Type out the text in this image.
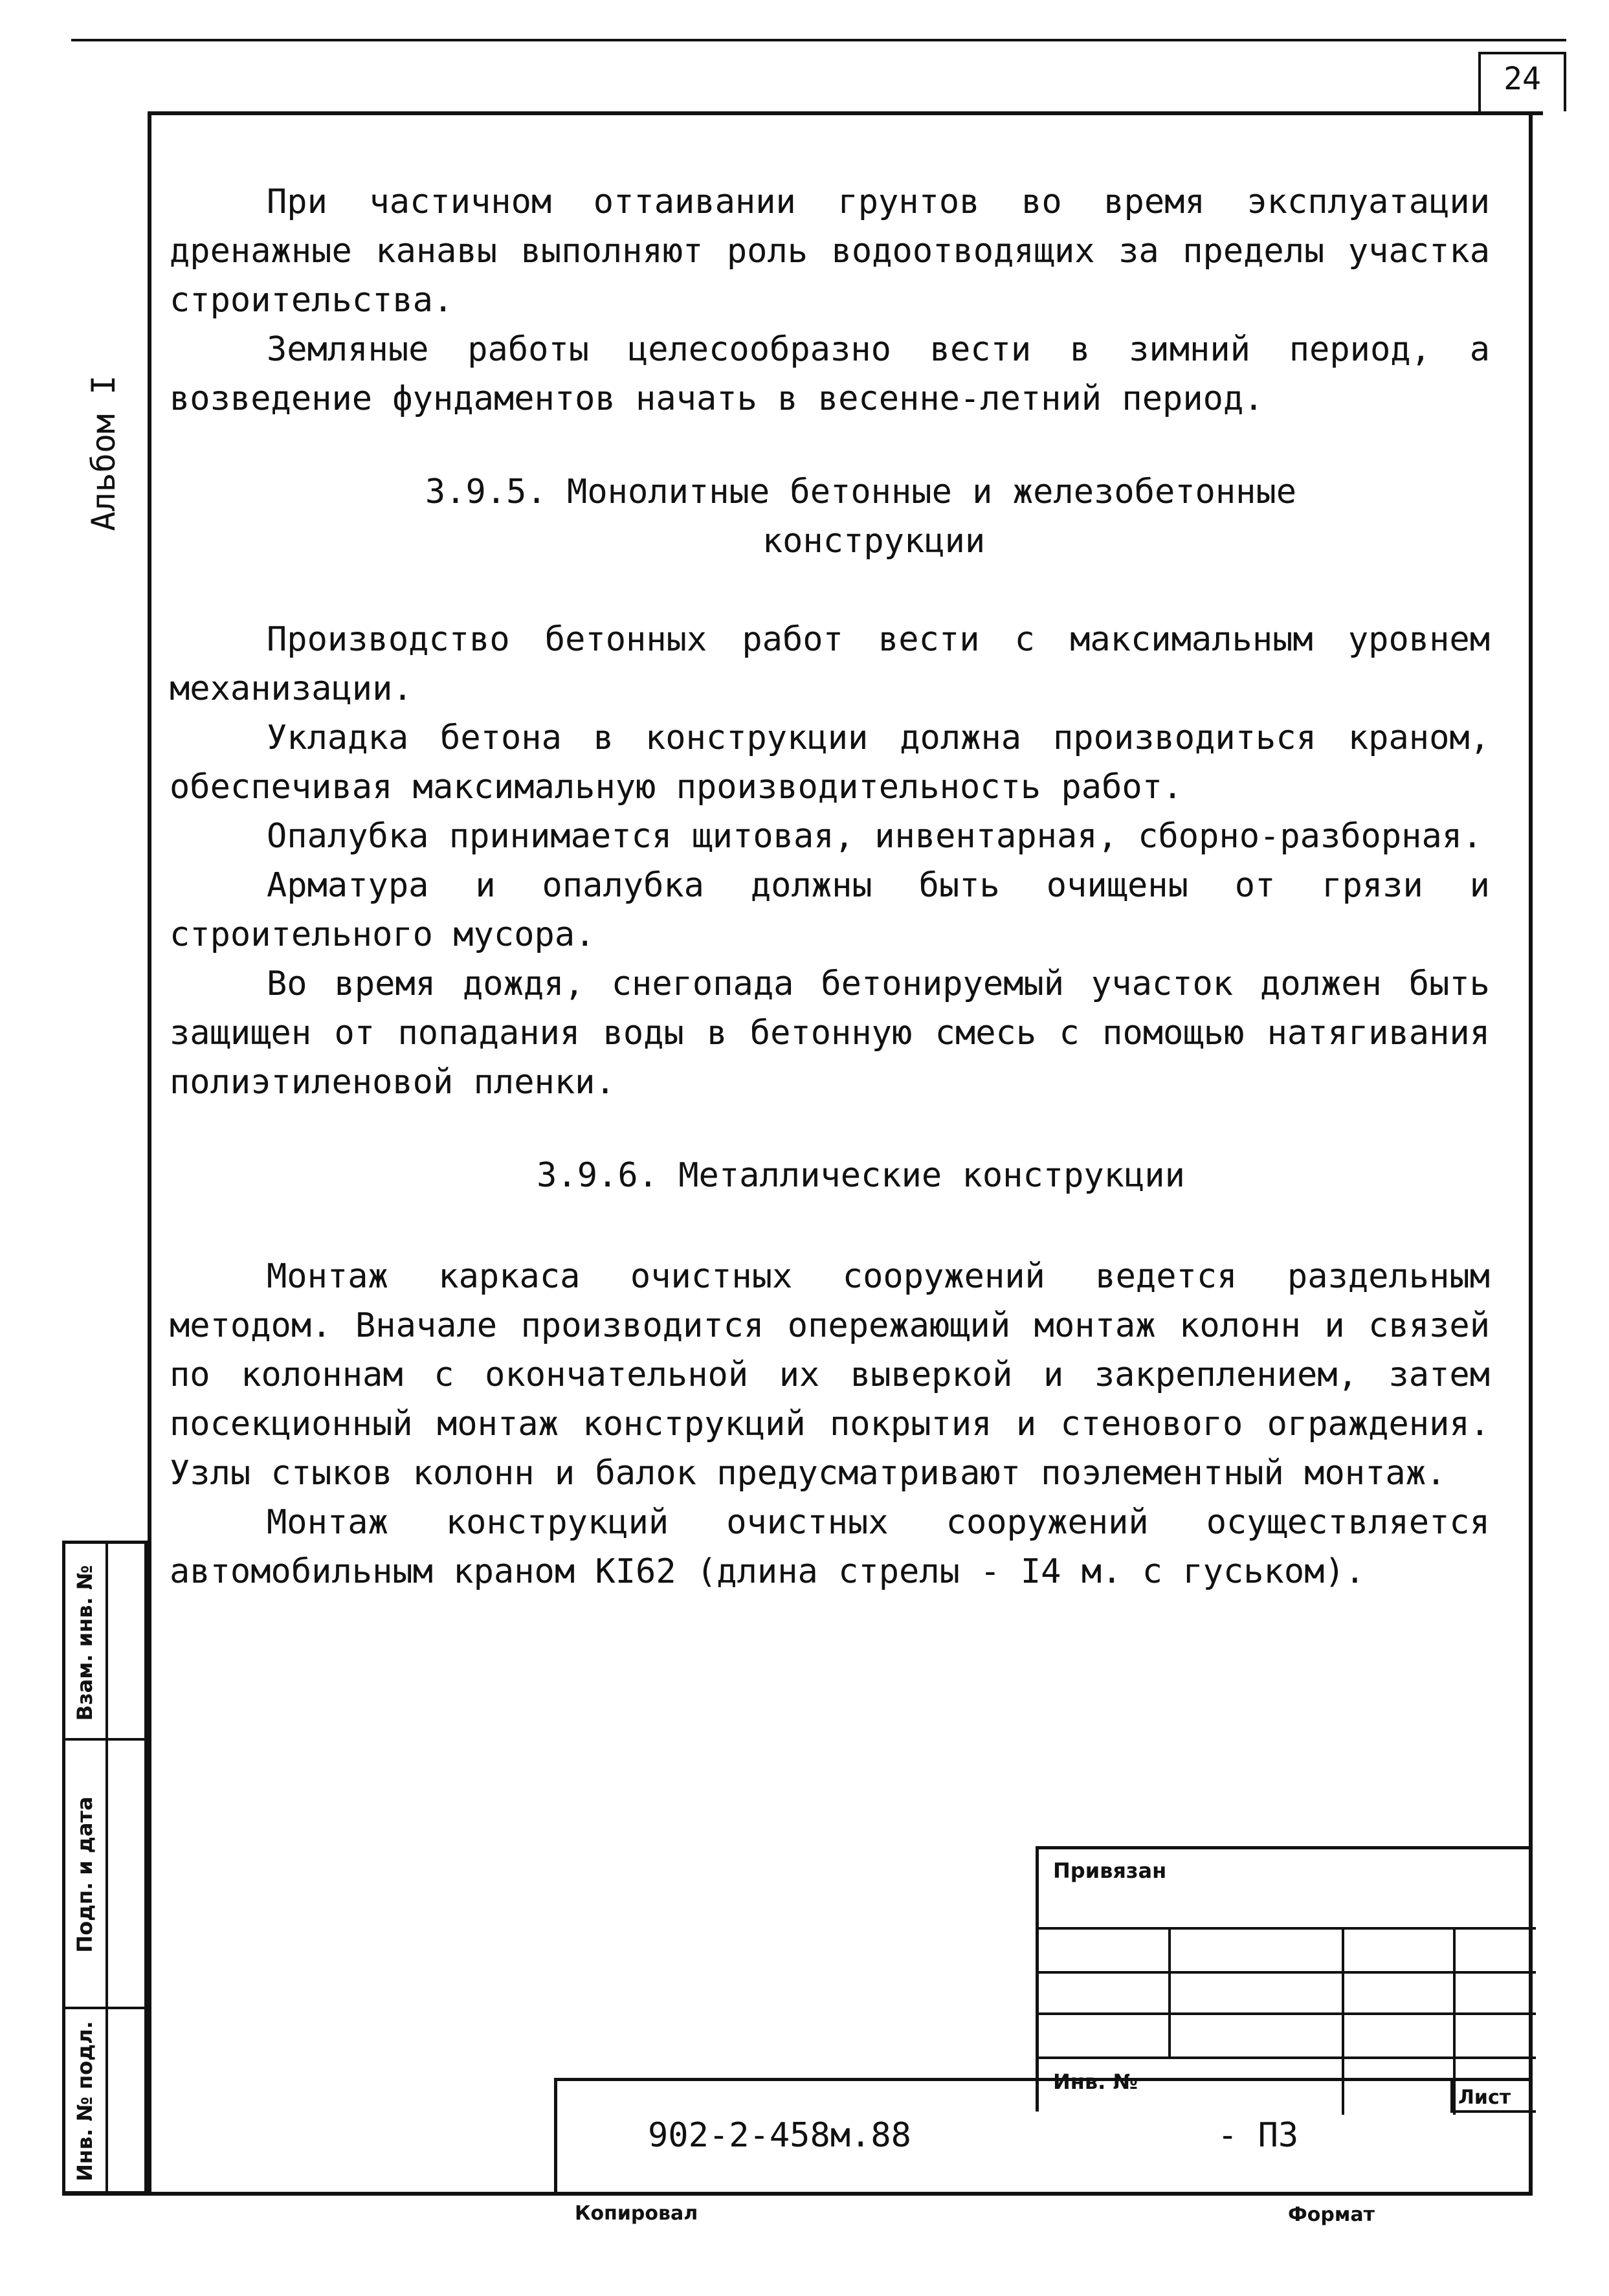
24
Альбом I

При частичном оттаивании грунтов во время эксплуатации дренажные канавы выполняют роль водоотводящих за пределы участка строительства.

Земляные работы целесообразно вести в зимний период, а возведение фундаментов начать в весенне-летний период.

3.9.5. Монолитные бетонные и железобетонные
конструкции

Производство бетонных работ вести с максимальным уровнем механизации.

Укладка бетона в конструкции должна производиться краном, обеспечивая максимальную производительность работ.

Опалубка принимается щитовая, инвентарная, сборно-разборная.

Арматура и опалубка должны быть очищены от грязи и строительного мусора.

Во время дождя, снегопада бетонируемый участок должен быть защищен от попадания воды в бетонную смесь с помощью натягивания полиэтиленовой пленки.

3.9.6. Металлические конструкции

Монтаж каркаса очистных сооружений ведется раздельным методом. Вначале производится опережающий монтаж колонн и связей по колоннам с окончательной их выверкой и закреплением, затем посекционный монтаж конструкций покрытия и стенового ограждения. Узлы стыков колонн и балок предусматривают поэлементный монтаж.

Монтаж конструкций очистных сооружений осуществляется автомобильным краном КI62 (длина стрелы - I4 м. с гуськом).

Взам. инв. №
Подп. и дата
Инв. № подл.
Привязан
Инв. №
902-2-458м.88	- ПЗ
Лист
Копировал	Формат
